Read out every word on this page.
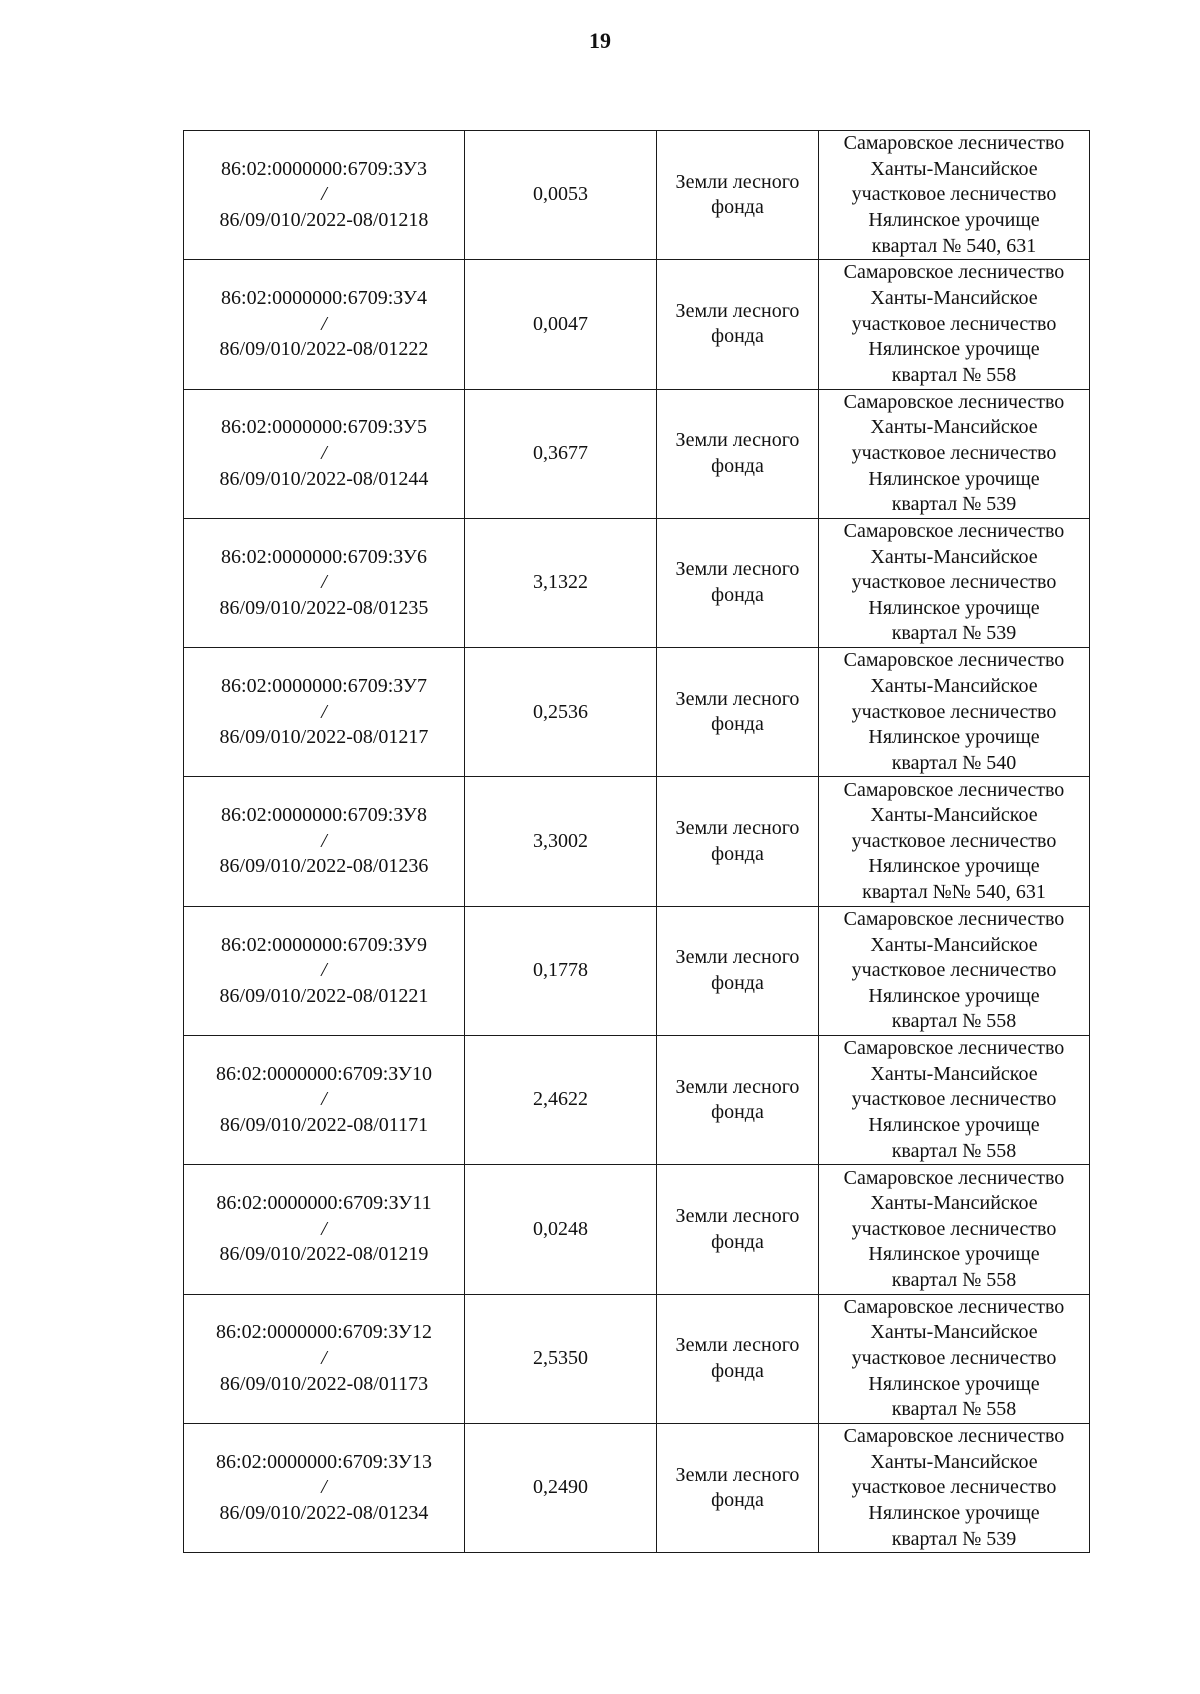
19
86:02:0000000:6709:ЗУ3
/
86/09/010/2022-08/01218	0,0053	Земли лесного
фонда	Самаровское лесничество
Ханты-Мансийское
участковое лесничество
Нялинское урочище
квартал № 540, 631

86:02:0000000:6709:ЗУ4
/
86/09/010/2022-08/01222	0,0047	Земли лесного
фонда	Самаровское лесничество
Ханты-Мансийское
участковое лесничество
Нялинское урочище
квартал № 558

86:02:0000000:6709:ЗУ5
/
86/09/010/2022-08/01244	0,3677	Земли лесного
фонда	Самаровское лесничество
Ханты-Мансийское
участковое лесничество
Нялинское урочище
квартал № 539

86:02:0000000:6709:ЗУ6
/
86/09/010/2022-08/01235	3,1322	Земли лесного
фонда	Самаровское лесничество
Ханты-Мансийское
участковое лесничество
Нялинское урочище
квартал № 539

86:02:0000000:6709:ЗУ7
/
86/09/010/2022-08/01217	0,2536	Земли лесного
фонда	Самаровское лесничество
Ханты-Мансийское
участковое лесничество
Нялинское урочище
квартал № 540

86:02:0000000:6709:ЗУ8
/
86/09/010/2022-08/01236	3,3002	Земли лесного
фонда	Самаровское лесничество
Ханты-Мансийское
участковое лесничество
Нялинское урочище
квартал №№ 540, 631

86:02:0000000:6709:ЗУ9
/
86/09/010/2022-08/01221	0,1778	Земли лесного
фонда	Самаровское лесничество
Ханты-Мансийское
участковое лесничество
Нялинское урочище
квартал № 558

86:02:0000000:6709:ЗУ10
/
86/09/010/2022-08/01171	2,4622	Земли лесного
фонда	Самаровское лесничество
Ханты-Мансийское
участковое лесничество
Нялинское урочище
квартал № 558

86:02:0000000:6709:ЗУ11
/
86/09/010/2022-08/01219	0,0248	Земли лесного
фонда	Самаровское лесничество
Ханты-Мансийское
участковое лесничество
Нялинское урочище
квартал № 558

86:02:0000000:6709:ЗУ12
/
86/09/010/2022-08/01173	2,5350	Земли лесного
фонда	Самаровское лесничество
Ханты-Мансийское
участковое лесничество
Нялинское урочище
квартал № 558

86:02:0000000:6709:ЗУ13
/
86/09/010/2022-08/01234	0,2490	Земли лесного
фонда	Самаровское лесничество
Ханты-Мансийское
участковое лесничество
Нялинское урочище
квартал № 539
